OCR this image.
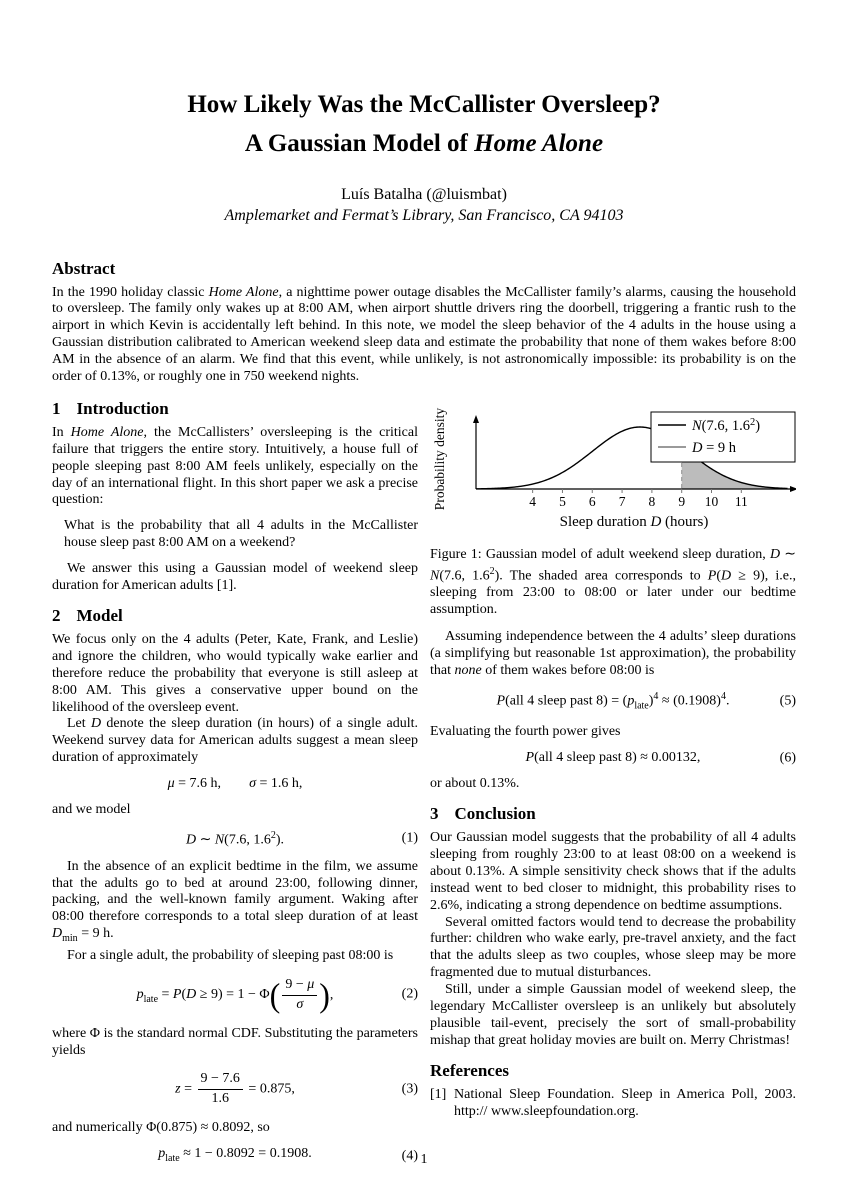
How Likely Was the McCallister Oversleep?
A Gaussian Model of Home Alone
Luís Batalha (@luismbat)
Amplemarket and Fermat’s Library, San Francisco, CA 94103
Abstract
In the 1990 holiday classic Home Alone, a nighttime power outage disables the McCallister family’s alarms, causing the household to oversleep. The family only wakes up at 8:00 AM, when airport shuttle drivers ring the doorbell, triggering a frantic rush to the airport in which Kevin is accidentally left behind. In this note, we model the sleep behavior of the 4 adults in the house using a Gaussian distribution calibrated to American weekend sleep data and estimate the probability that none of them wakes before 8:00 AM in the absence of an alarm. We find that this event, while unlikely, is not astronomically impossible: its probability is on the order of 0.13%, or roughly one in 750 weekend nights.
1 Introduction

In Home Alone, the McCallisters’ oversleeping is the critical failure that triggers the entire story. Intuitively, a house full of people sleeping past 8:00 AM feels unlikely, especially on the day of an international flight. In this short paper we ask a precise question:

What is the probability that all 4 adults in the McCallister house sleep past 8:00 AM on a weekend?

We answer this using a Gaussian model of weekend sleep duration for American adults [1].

2 Model

We focus only on the 4 adults (Peter, Kate, Frank, and Leslie) and ignore the children, who would typically wake earlier and therefore reduce the probability that everyone is still asleep at 8:00 AM. This gives a conservative upper bound on the likelihood of the oversleep event.

Let D denote the sleep duration (in hours) of a single adult. Weekend survey data for American adults suggest a mean sleep duration of approximately

μ = 7.6 h,   σ = 1.6 h,

and we model

D ∼ N(7.6, $1.6^2$).	(1)

In the absence of an explicit bedtime in the film, we assume that the adults go to bed at around 23:00, following dinner, packing, and the well-known family argument. Waking after 08:00 therefore corresponds to a total sleep duration of at least $D_{min} = 9$ h.

For a single adult, the probability of sleeping past 08:00 is

$p_{late} = P(D \ge 9) = 1 - \Phi( \frac{9 - \mu}{\sigma}$ ),	(2)

where Φ is the standard normal CDF. Substituting the parameters yields

$z = \frac{9 - 7.6}{1.6} = 0.875$,	(3)

and numerically Φ(0.875) ≈ 0.8092, so

$p_{late} \approx 1 - 0.8092 = 0.1908$.	(4)
4 5 6 7 8 9 10 11
Sleep duration D (hours)
Probability density	N(7.6, $1.6^2$)
D = 9 h
Figure 1: Gaussian model of adult weekend sleep duration, D ∼ N(7.6, $1.6^2$). The shaded area corresponds to P(D ≥ 9), i.e., sleeping from 23:00 to 08:00 or later under our bedtime assumption.

Assuming independence between the 4 adults’ sleep durations (a simplifying but reasonable 1st approximation), the probability that none of them wakes before 08:00 is

P(all 4 sleep past $8) = (p_{late})^4 \approx (0.1908)^4$.	(5)

Evaluating the fourth power gives

P(all 4 sleep past 8) ≈ 0.00132,	(6)

or about 0.13%.

3 Conclusion

Our Gaussian model suggests that the probability of all 4 adults sleeping from roughly 23:00 to at least 08:00 on a weekend is about 0.13%. A simple sensitivity check shows that if the adults instead went to bed closer to midnight, this probability rises to 2.6%, indicating a strong dependence on bedtime assumptions.

Several omitted factors would tend to decrease the probability further: children who wake early, pre-travel anxiety, and the fact that the adults sleep as two couples, whose sleep may be more fragmented due to mutual disturbances.

Still, under a simple Gaussian model of weekend sleep, the legendary McCallister oversleep is an unlikely but absolutely plausible tail-event, precisely the sort of small-probability mishap that great holiday movies are built on. Merry Christmas!

References
[1] National Sleep Foundation. Sleep in America Poll, 2003. http:// www.sleepfoundation.org.
1
